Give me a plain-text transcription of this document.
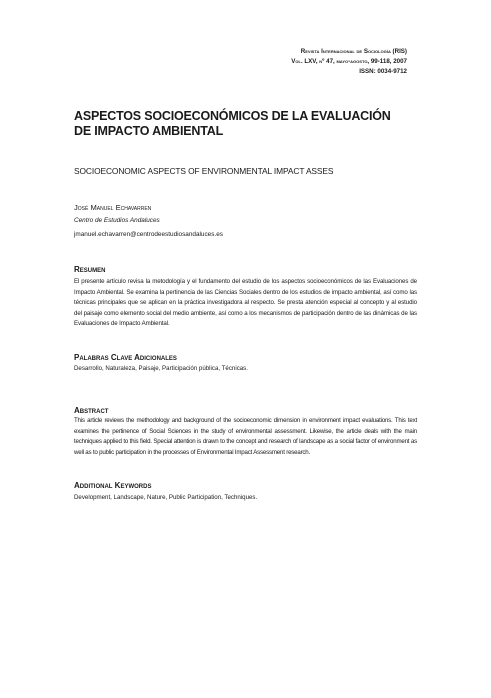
Revista Internacional de Sociología (RIS)
Vol. LXV, nº 47, mayo-agosto, 99-118, 2007
ISSN: 0034-9712
ASPECTOS SOCIOECONÓMICOS DE LA EVALUACIÓN
DE IMPACTO AMBIENTAL
SOCIOECONOMIC ASPECTS OF ENVIRONMENTAL IMPACT ASSES
José Manuel Echavarren
Centro de Estudios Andaluces
jmanuel.echavarren@centrodeestudiosandaluces.es
Resumen
El presente artículo revisa la metodología y el fundamento del estudio de los aspectos socioeconómicos de las Evaluaciones de Impacto Ambiental. Se examina la pertinencia de las Ciencias Sociales dentro de los estudios de impacto ambiental, así como las técnicas principales que se aplican en la práctica investigadora al respecto. Se presta atención especial al concepto y al estudio del paisaje como elemento social del medio ambiente, así como a los mecanismos de participación dentro de las dinámicas de las Evaluaciones de Impacto Ambiental.
Palabras Clave Adicionales
Desarrollo, Naturaleza, Paisaje, Participación pública, Técnicas.
Abstract
This article reviews the methodology and background of the socioeconomic dimension in environment impact evaluations. This text examines the pertinence of Social Sciences in the study of environmental assessment. Likewise, the article deals with the main techniques applied to this field. Special attention is drawn to the concept and research of landscape as a social factor of environment as well as to public participation in the processes of Environmental Impact Assessment research.
Additional Keywords
Development, Landscape, Nature, Public Participation, Techniques.
